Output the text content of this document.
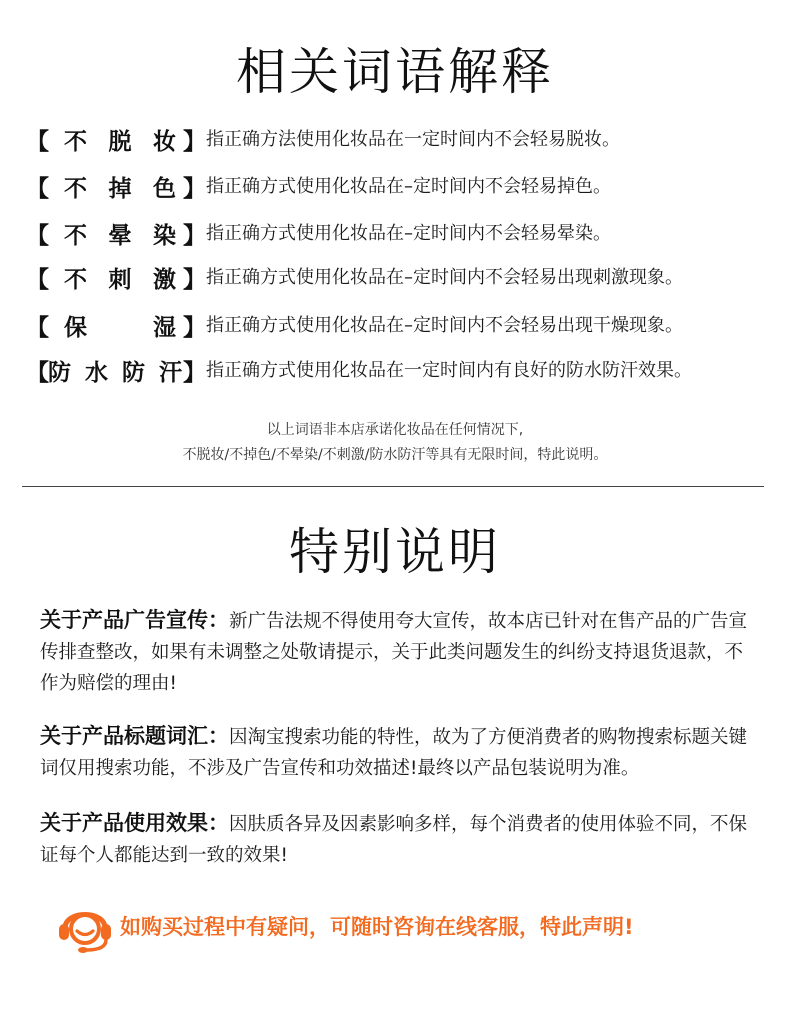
相关词语解释
【 不 脱 妆 】 指正确方法使用化妆品在一定时间内不会轻易脱妆。
【 不 掉 色 】 指正确方式使用化妆品在–定时间内不会轻易掉色。
【 不 晕 染 】 指正确方式使用化妆品在–定时间内不会轻易晕染。
【 不 刺 激 】 指正确方式使用化妆品在–定时间内不会轻易出现刺激现象。
【 保	湿 】 指正确方式使用化妆品在–定时间内不会轻易出现干燥现象。
【 防 水 防 汗 】 指正确方式使用化妆品在一定时间内有良好的防水防汗效果。
以上词语非本店承诺化妆品在任何情况下,
不脱妆/不掉色/不晕染/不刺激/防水防汗等具有无限时间，特此说明。
特别说明
关于产品广告宣传：新广告法规不得使用夸大宣传，故本店已针对在售产品的广告宣传排查整改，如果有未调整之处敬请提示，关于此类问题发生的纠纷支持退货退款，不作为赔偿的理由!
关于产品标题词汇：因淘宝搜索功能的特性，故为了方便消费者的购物搜索标题关键词仅用搜索功能，不涉及广告宣传和功效描述!最终以产品包装说明为准。
关于产品使用效果：因肤质各异及因素影响多样，每个消费者的使用体验不同，不保证每个人都能达到一致的效果!
如购买过程中有疑问，可随时咨询在线客服，特此声明!
